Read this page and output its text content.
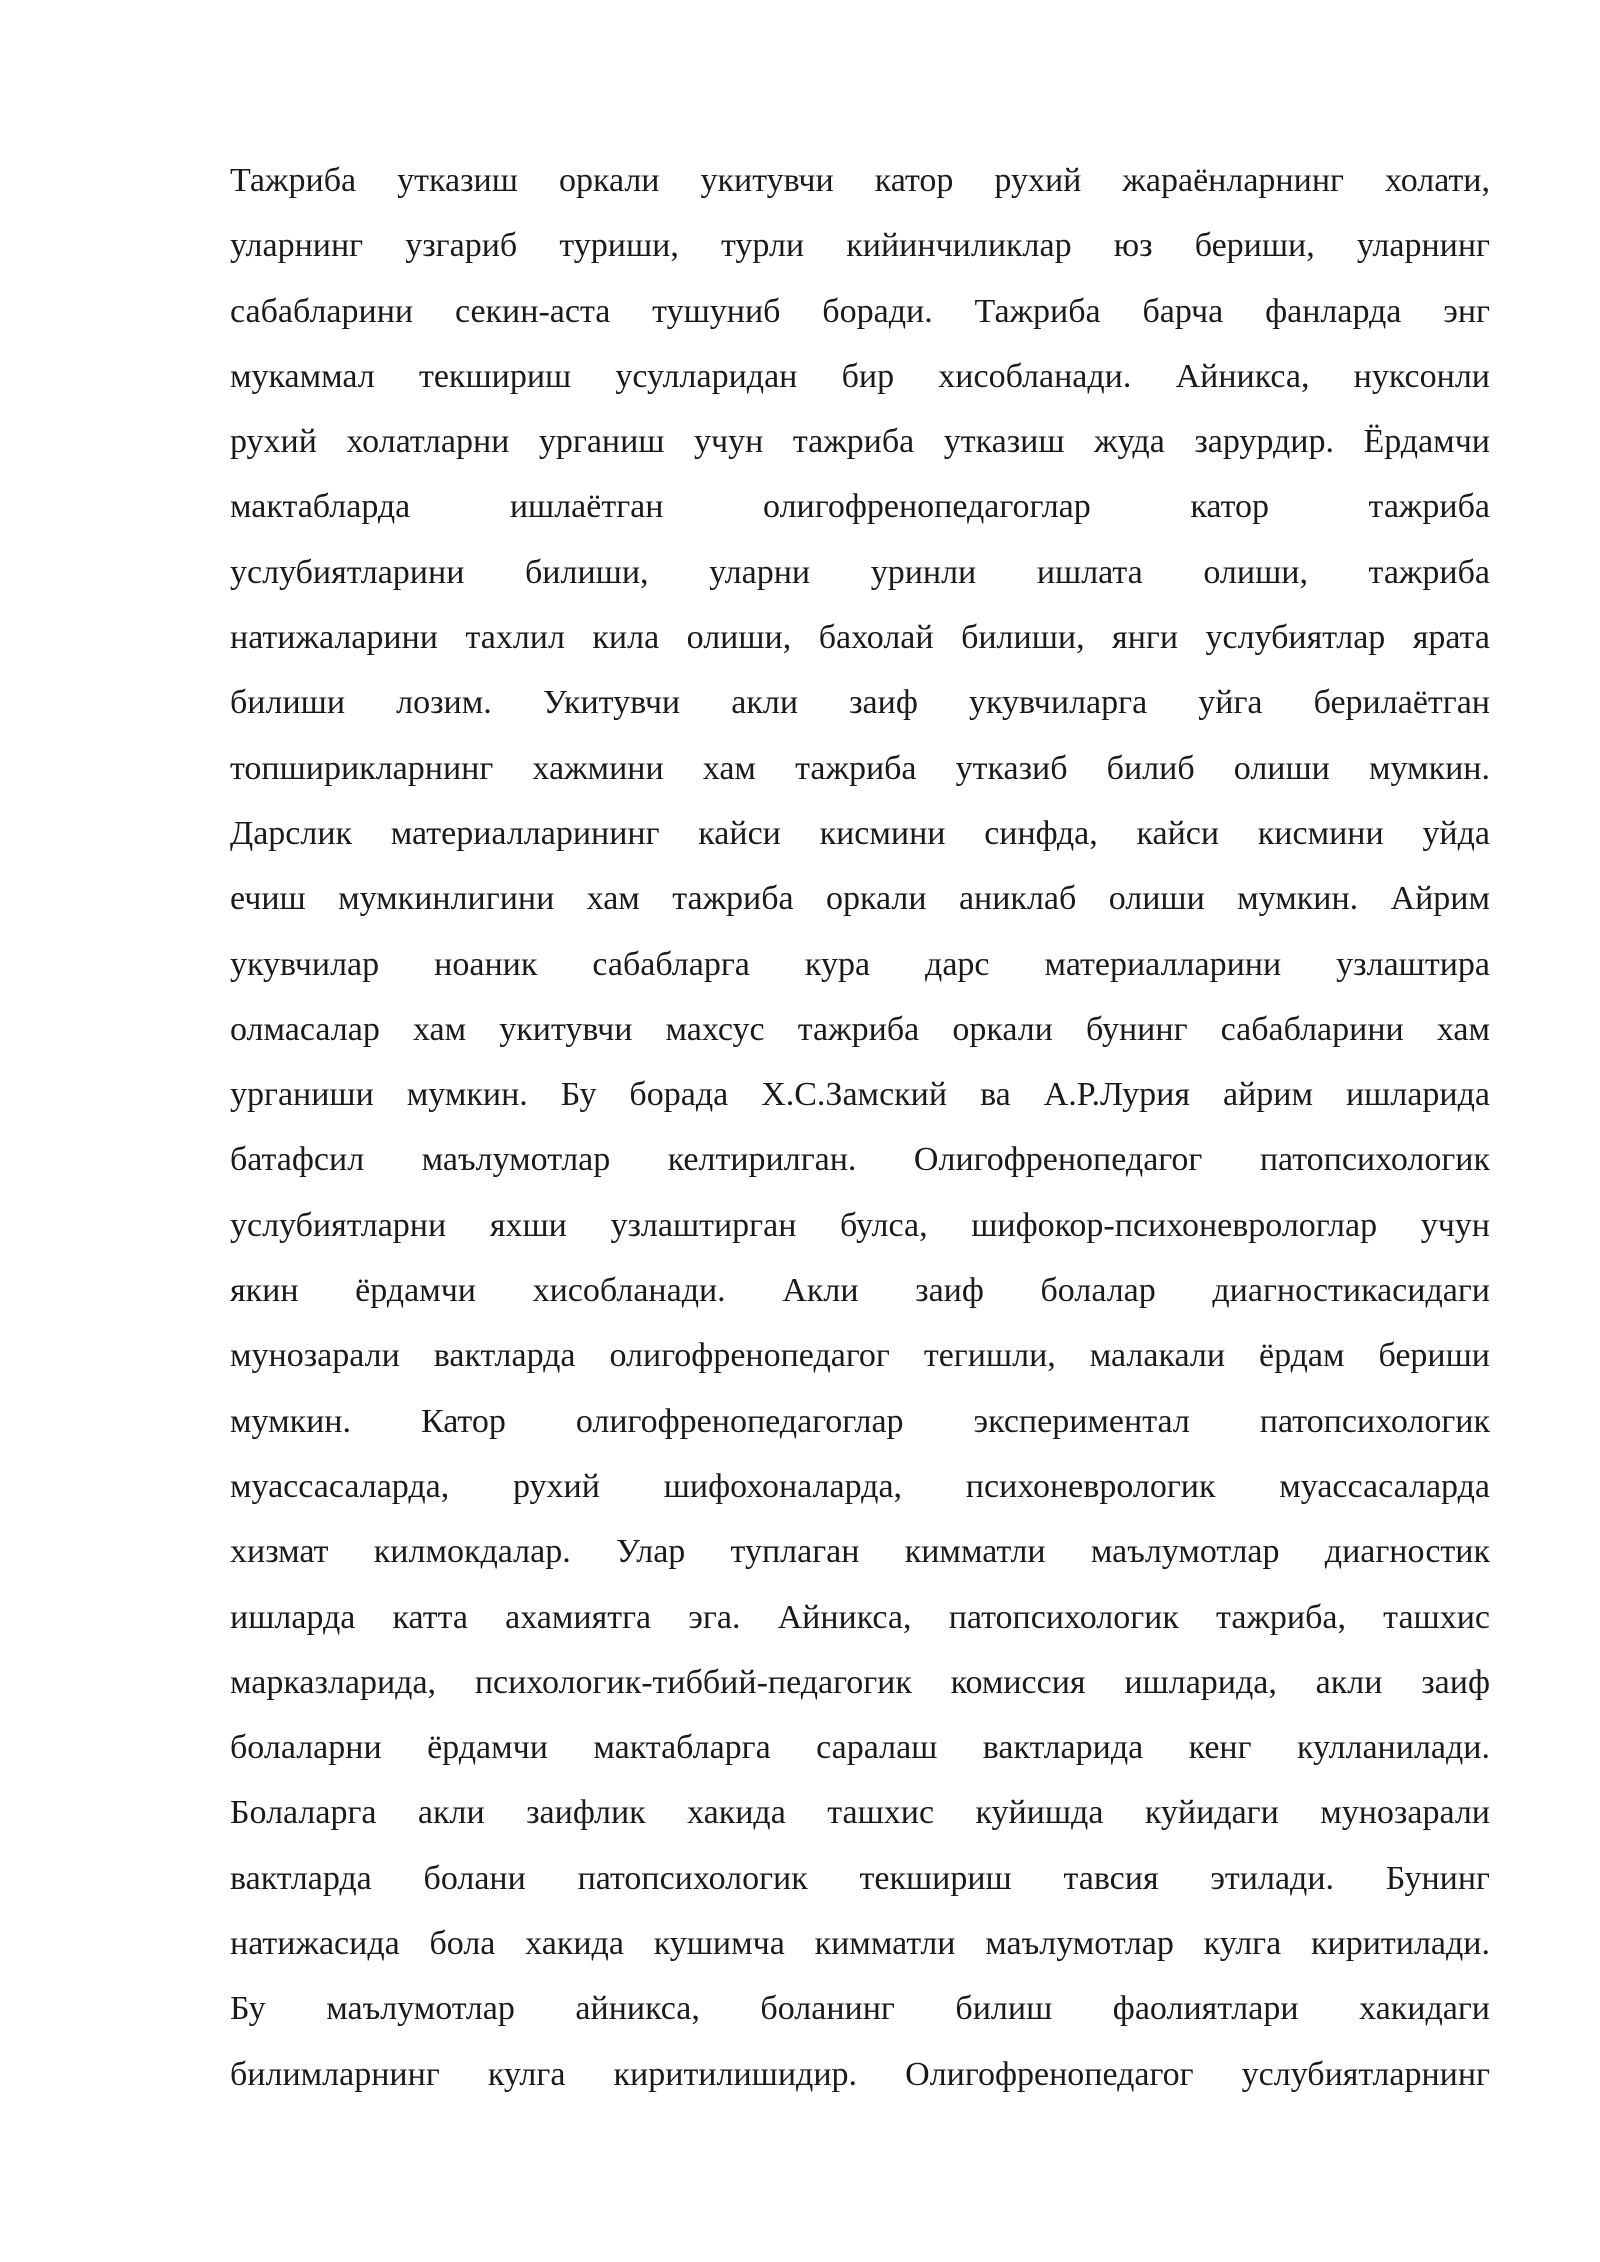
Тажриба утказиш оркали укитувчи катор рухий жараёнларнинг холати,
уларнинг узгариб туриши, турли кийинчиликлар юз бериши, уларнинг
сабабларини секин-аста тушуниб боради. Тажриба барча фанларда энг
мукаммал текшириш усулларидан бир хисобланади. Айникса, нуксонли
рухий холатларни урганиш учун тажриба утказиш жуда зарурдир. Ёрдамчи
мактабларда ишлаётган олигофренопедагоглар катор тажриба
услубиятларини билиши, уларни уринли ишлата олиши, тажриба
натижаларини тахлил кила олиши, бахолай билиши, янги услубиятлар ярата
билиши лозим. Укитувчи акли заиф укувчиларга уйга берилаётган
топширикларнинг хажмини хам тажриба утказиб билиб олиши мумкин.
Дарслик материалларининг кайси кисмини синфда, кайси кисмини уйда
ечиш мумкинлигини хам тажриба оркали аниклаб олиши мумкин. Айрим
укувчилар ноаник сабабларга кура дарс материалларини узлаштира
олмасалар хам укитувчи махсус тажриба оркали бунинг сабабларини хам
урганиши мумкин. Бу борада Х.С.Замский ва А.Р.Лурия айрим ишларида
батафсил маълумотлар келтирилган. Олигофренопедагог патопсихологик
услубиятларни яхши узлаштирган булса, шифокор-психоневрологлар учун
якин ёрдамчи хисобланади. Акли заиф болалар диагностикасидаги
мунозарали вактларда олигофренопедагог тегишли, малакали ёрдам бериши
мумкин. Катор олигофренопедагоглар экспериментал патопсихологик
муассасаларда, рухий шифохоналарда, психоневрологик муассасаларда
хизмат килмокдалар. Улар туплаган кимматли маълумотлар диагностик
ишларда катта ахамиятга эга. Айникса, патопсихологик тажриба, ташхис
марказларида, психологик-тиббий-педагогик комиссия ишларида, акли заиф
болаларни ёрдамчи мактабларга саралаш вактларида кенг кулланилади.
Болаларга акли заифлик хакида ташхис куйишда куйидаги мунозарали
вактларда болани патопсихологик текшириш тавсия этилади. Бунинг
натижасида бола хакида кушимча кимматли маълумотлар кулга киритилади.
Бу маълумотлар айникса, боланинг билиш фаолиятлари хакидаги
билимларнинг кулга киритилишидир. Олигофренопедагог услубиятларнинг
